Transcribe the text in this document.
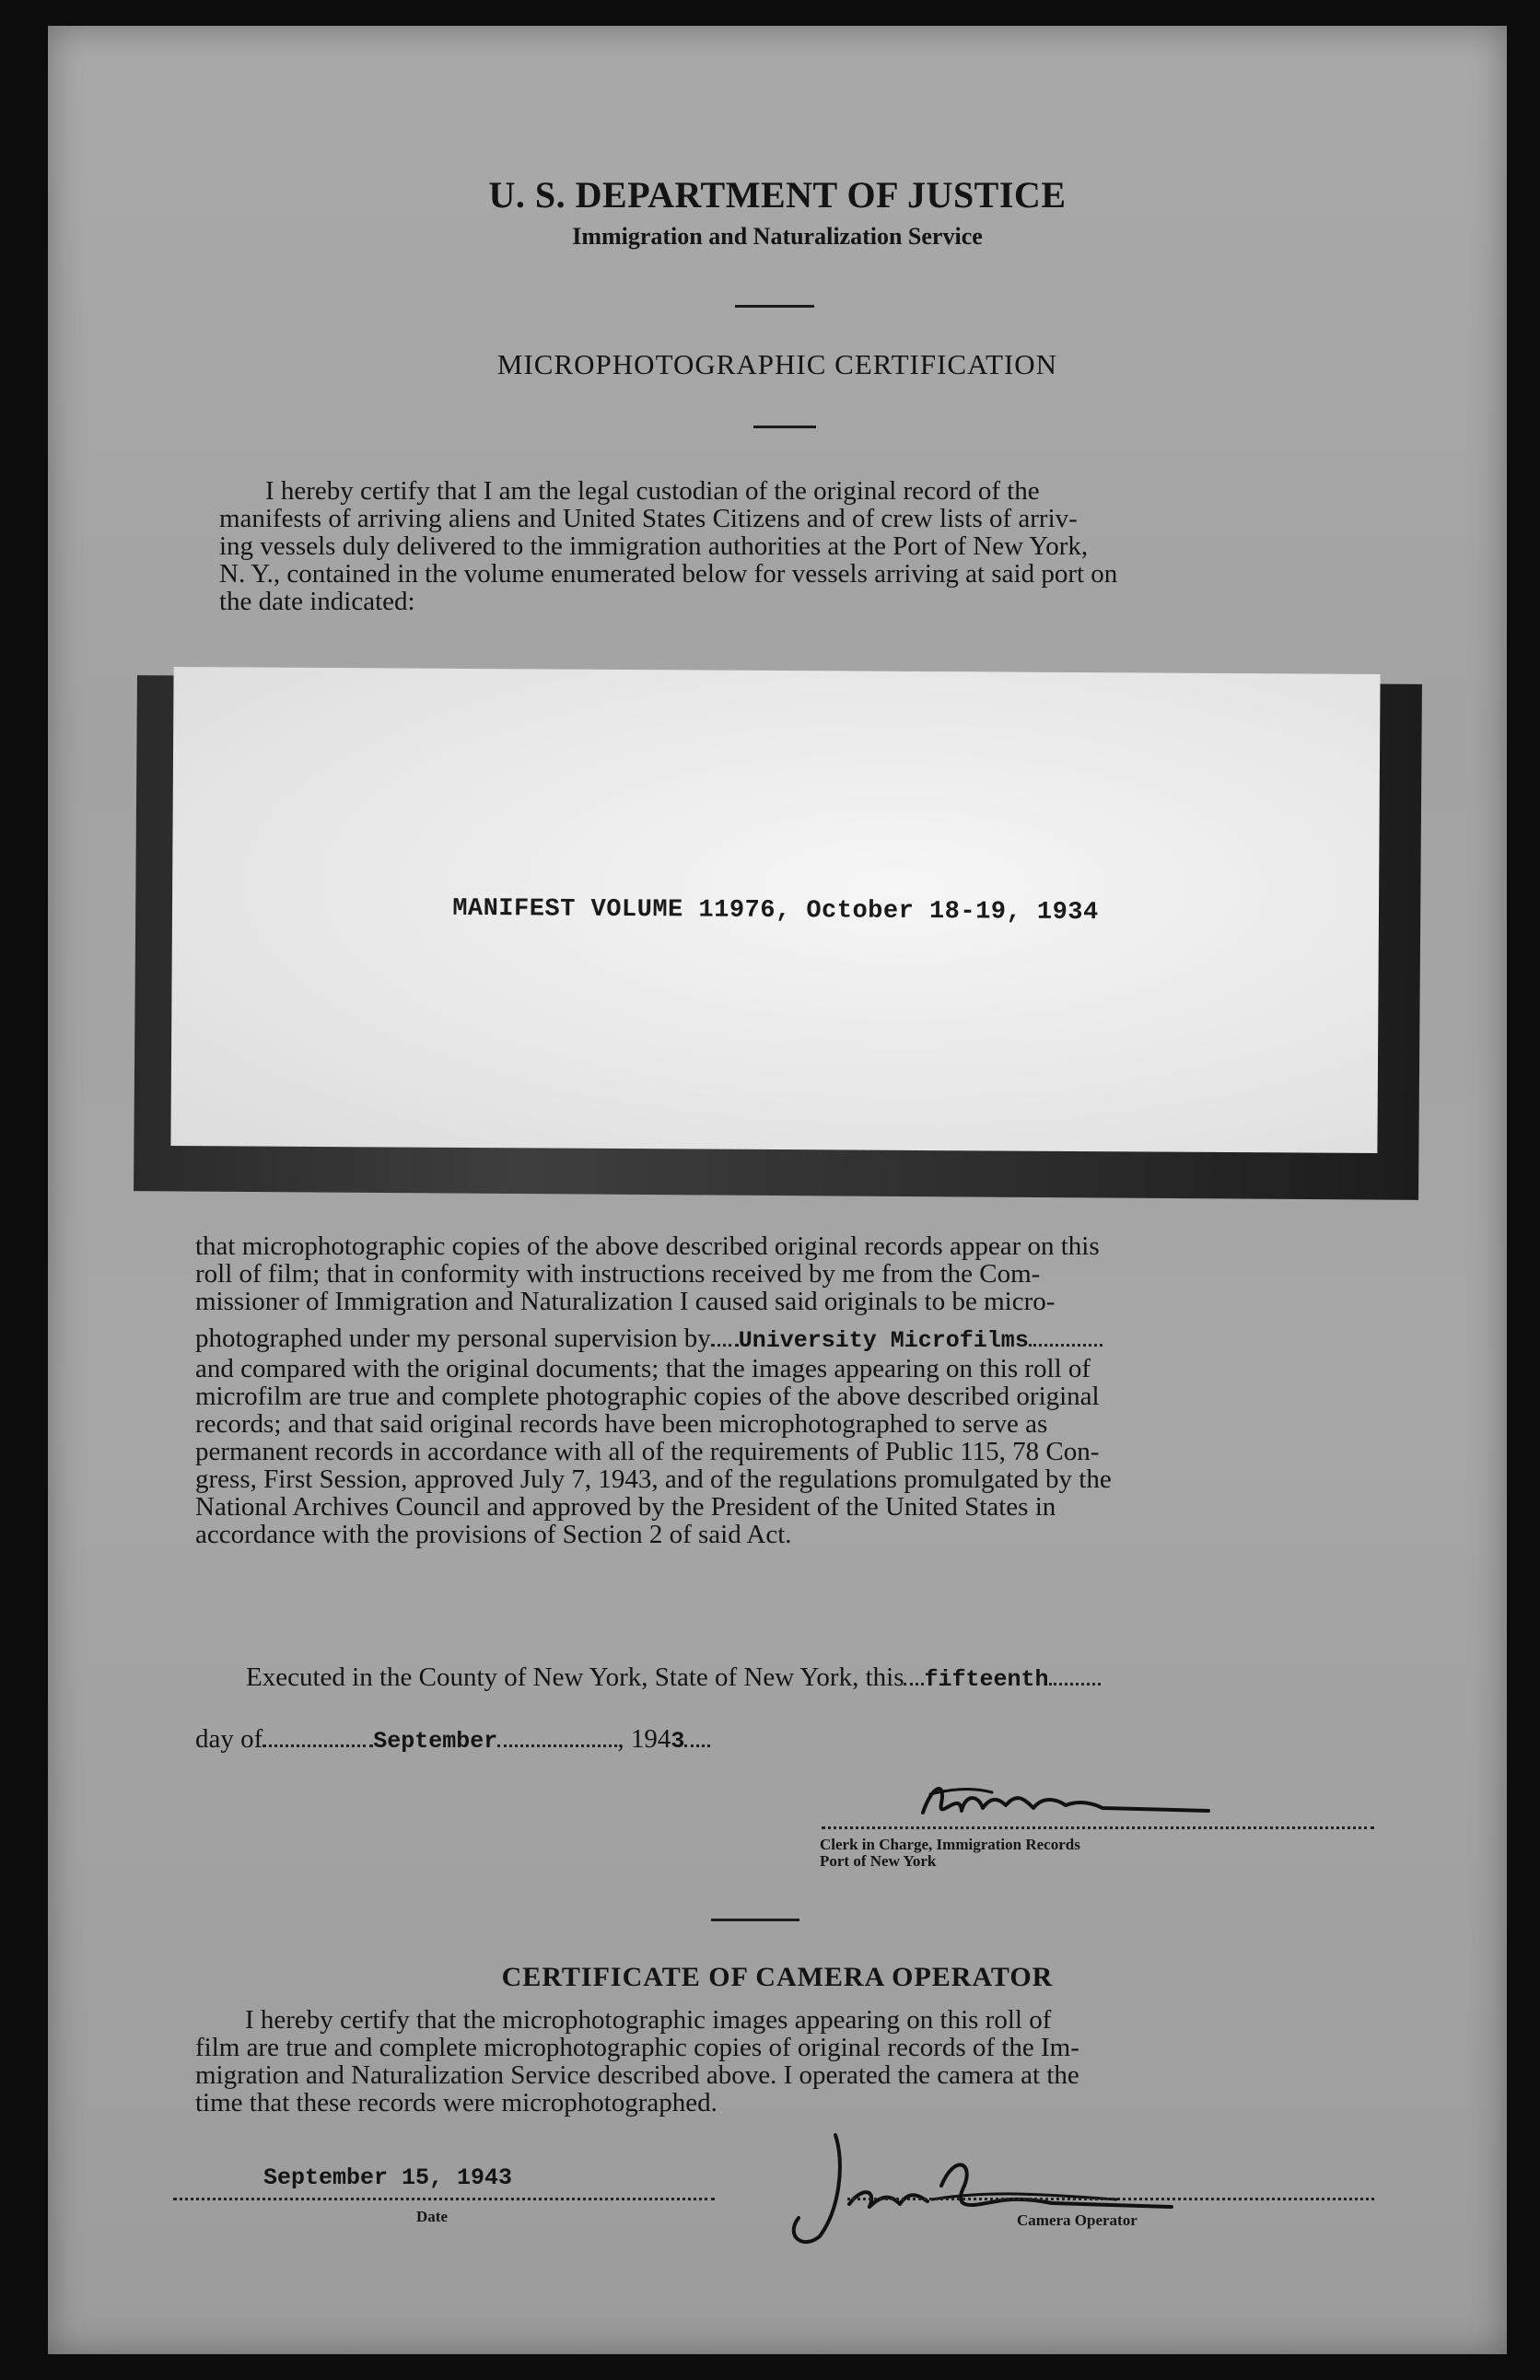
U. S. DEPARTMENT OF JUSTICE
Immigration and Naturalization Service
MICROPHOTOGRAPHIC CERTIFICATION
I hereby certify that I am the legal custodian of the original record of the
manifests of arriving aliens and United States Citizens and of crew lists of arriv-
ing vessels duly delivered to the immigration authorities at the Port of New York,
N. Y., contained in the volume enumerated below for vessels arriving at said port on
the date indicated:
MANIFEST VOLUME 11976, October 18-19, 1934
that microphotographic copies of the above described original records appear on this
roll of film; that in conformity with instructions received by me from the Com-
missioner of Immigration and Naturalization I caused said originals to be micro-
photographed under my personal supervision by University Microfilms
and compared with the original documents; that the images appearing on this roll of
microfilm are true and complete photographic copies of the above described original
records; and that said original records have been microphotographed to serve as
permanent records in accordance with all of the requirements of Public 115, 78 Con-
gress, First Session, approved July 7, 1943, and of the regulations promulgated by the
National Archives Council and approved by the President of the United States in
accordance with the provisions of Section 2 of said Act.
Executed in the County of New York, State of New York, this fifteenth
day of	September	, 1943
Clerk in Charge, Immigration Records
Port of New York
CERTIFICATE OF CAMERA OPERATOR
I hereby certify that the microphotographic images appearing on this roll of
film are true and complete microphotographic copies of original records of the Im-
migration and Naturalization Service described above. I operated the camera at the
time that these records were microphotographed.
September 15, 1943
Date	Camera Operator
